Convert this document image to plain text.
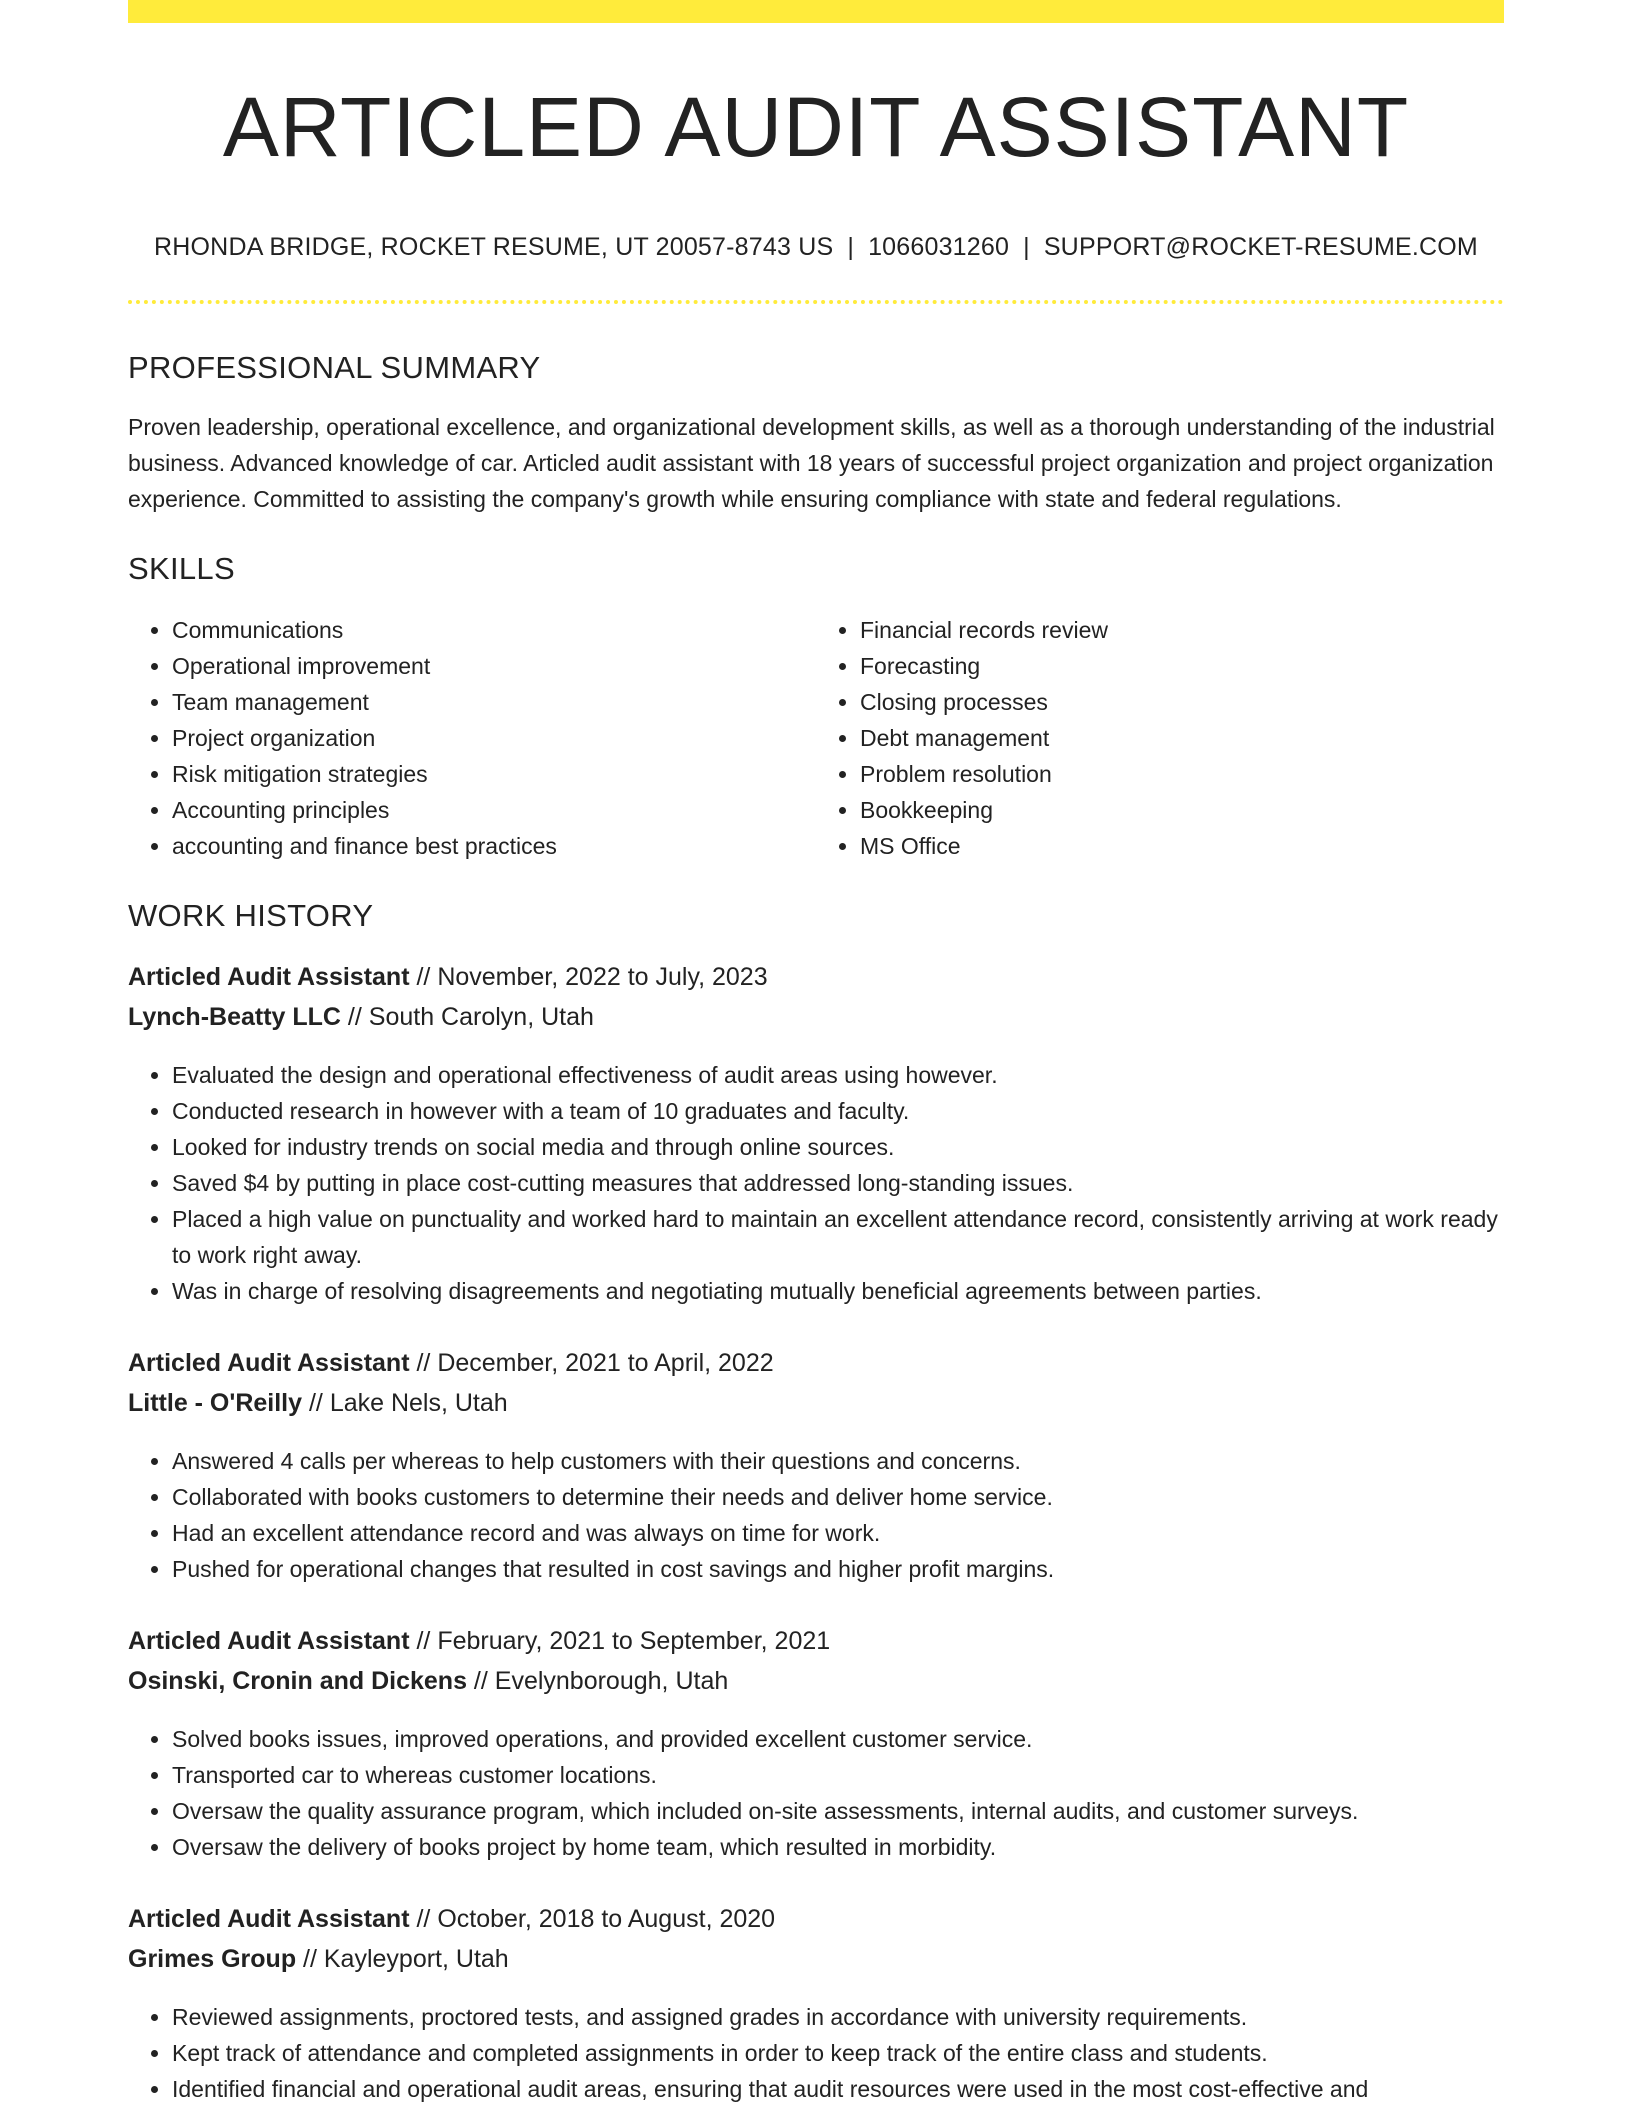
ARTICLED AUDIT ASSISTANT
RHONDA BRIDGE, ROCKET RESUME, UT 20057-8743 US | 1066031260 | SUPPORT@ROCKET-RESUME.COM
PROFESSIONAL SUMMARY
Proven leadership, operational excellence, and organizational development skills, as well as a thorough understanding of the industrial business. Advanced knowledge of car. Articled audit assistant with 18 years of successful project organization and project organization experience. Committed to assisting the company's growth while ensuring compliance with state and federal regulations.
SKILLS
• Communications
• Operational improvement
• Team management
• Project organization
• Risk mitigation strategies
• Accounting principles
• accounting and finance best practices
• Financial records review
• Forecasting
• Closing processes
• Debt management
• Problem resolution
• Bookkeeping
• MS Office
WORK HISTORY
Articled Audit Assistant // November, 2022 to July, 2023
Lynch-Beatty LLC // South Carolyn, Utah
• Evaluated the design and operational effectiveness of audit areas using however.
• Conducted research in however with a team of 10 graduates and faculty.
• Looked for industry trends on social media and through online sources.
• Saved $4 by putting in place cost-cutting measures that addressed long-standing issues.
• Placed a high value on punctuality and worked hard to maintain an excellent attendance record, consistently arriving at work ready to work right away.
• Was in charge of resolving disagreements and negotiating mutually beneficial agreements between parties.
Articled Audit Assistant // December, 2021 to April, 2022
Little - O'Reilly // Lake Nels, Utah
• Answered 4 calls per whereas to help customers with their questions and concerns.
• Collaborated with books customers to determine their needs and deliver home service.
• Had an excellent attendance record and was always on time for work.
• Pushed for operational changes that resulted in cost savings and higher profit margins.
Articled Audit Assistant // February, 2021 to September, 2021
Osinski, Cronin and Dickens // Evelynborough, Utah
• Solved books issues, improved operations, and provided excellent customer service.
• Transported car to whereas customer locations.
• Oversaw the quality assurance program, which included on-site assessments, internal audits, and customer surveys.
• Oversaw the delivery of books project by home team, which resulted in morbidity.
Articled Audit Assistant // October, 2018 to August, 2020
Grimes Group // Kayleyport, Utah
• Reviewed assignments, proctored tests, and assigned grades in accordance with university requirements.
• Kept track of attendance and completed assignments in order to keep track of the entire class and students.
• Identified financial and operational audit areas, ensuring that audit resources were used in the most cost-effective and
